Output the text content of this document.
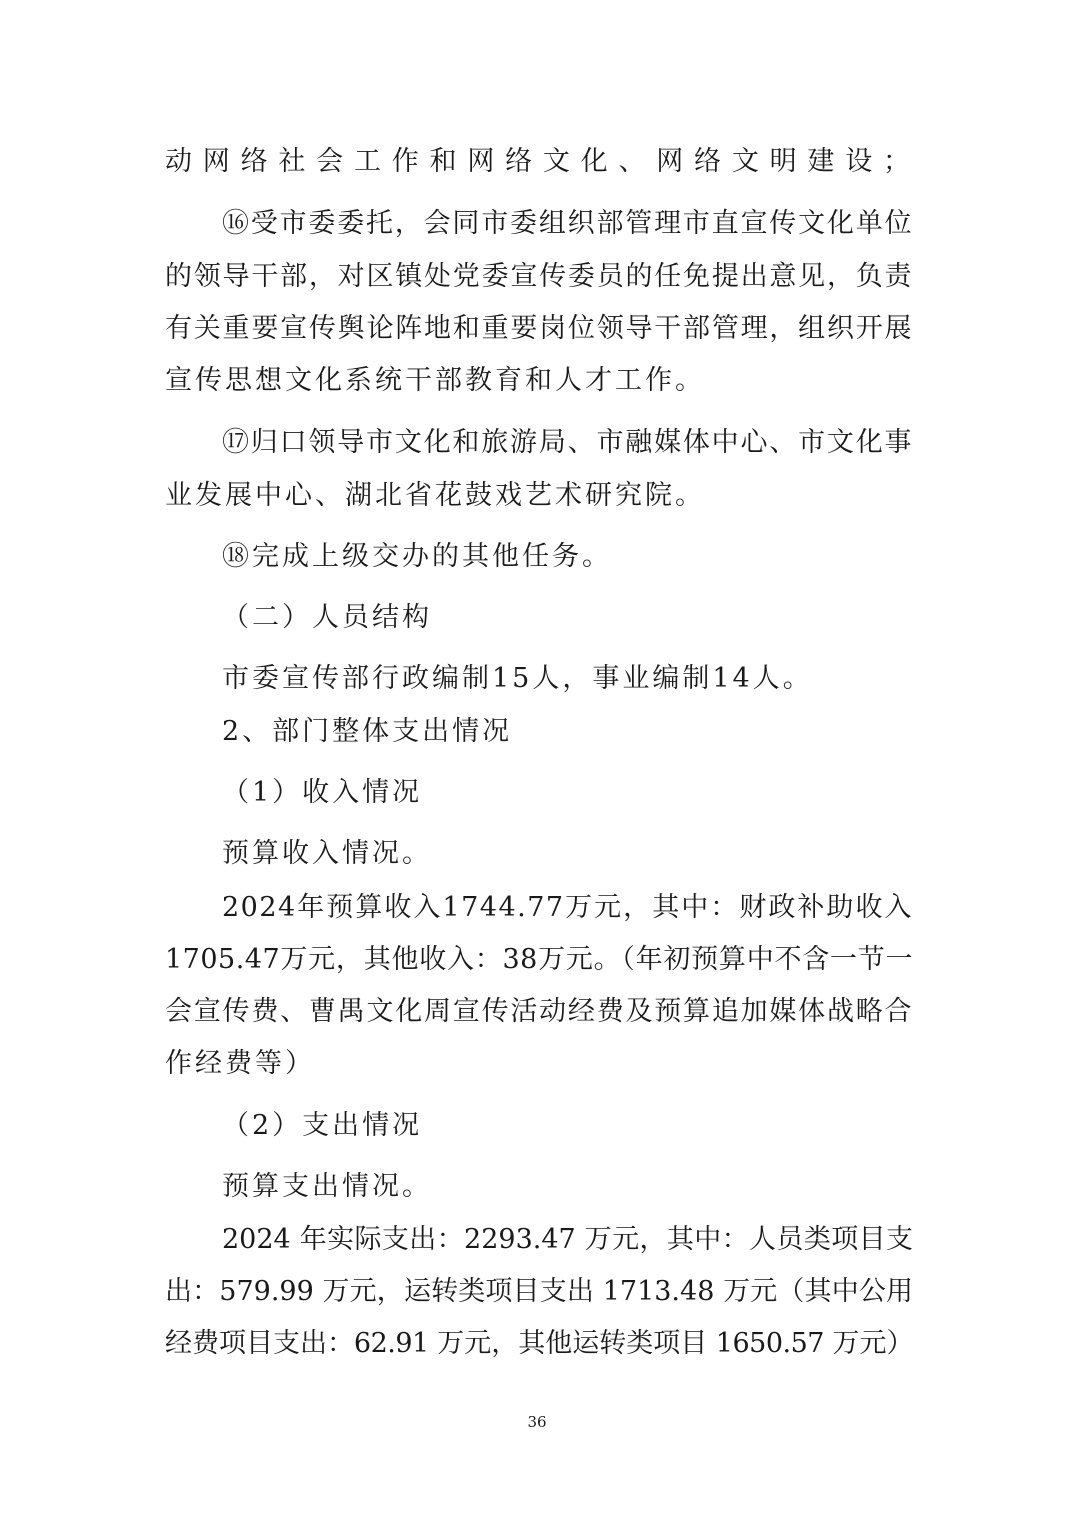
动网络社会工作和网络文化、网络文明建设；
⑯受市委委托，会同市委组织部管理市直宣传文化单位
的领导干部，对区镇处党委宣传委员的任免提出意见，负责
有关重要宣传舆论阵地和重要岗位领导干部管理，组织开展
宣传思想文化系统干部教育和人才工作。
⑰归口领导市文化和旅游局、市融媒体中心、市文化事
业发展中心、湖北省花鼓戏艺术研究院。
⑱完成上级交办的其他任务。
（二）人员结构
市委宣传部行政编制15人，事业编制14人。
2、部门整体支出情况
（1）收入情况
预算收入情况。
2024年预算收入1744.77万元，其中：财政补助收入
1705.47万元，其他收入：38万元。（年初预算中不含一节一
会宣传费、曹禺文化周宣传活动经费及预算追加媒体战略合
作经费等）
（2）支出情况
预算支出情况。
2024 年实际支出：2293.47 万元，其中：人员类项目支
出：579.99 万元，运转类项目支出 1713.48 万元（其中公用
经费项目支出：62.91 万元，其他运转类项目 1650.57 万元）
36
